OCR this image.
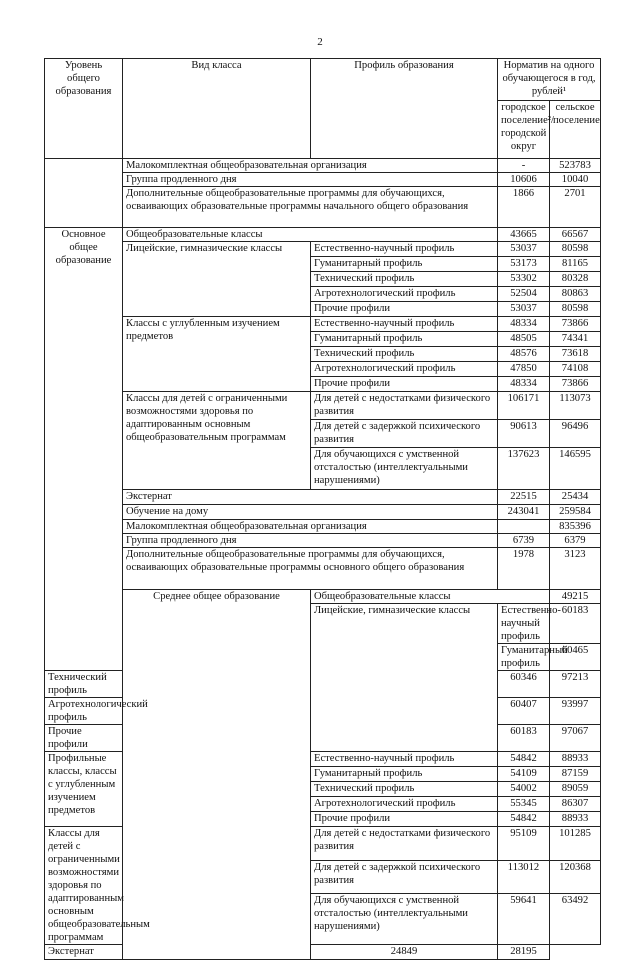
2
Уровень общего образования	Вид класса	Профиль образования	Норматив на одного обучающегося в год, рублей¹		
			городское поселение²/ городской округ	сельское поселение	
	Малокомплектная общеобразовательная организация		-	523783	
	Группа продленного дня		10606	10040	
	Дополнительные общеобразовательные программы для обучающихся, осваивающих образовательные программы начального общего образования		1866	2701	
Основное общее образование	Общеобразовательные классы		43665	66567	
	Лицейские, гимназические классы	Естественно-научный профиль	53037	80598	
		Гуманитарный профиль	53173	81165	
		Технический профиль	53302	80328	
		Агротехнологический профиль	52504	80863	
		Прочие профили	53037	80598	
	Классы с углубленным изучением предметов	Естественно-научный профиль	48334	73866	
		Гуманитарный профиль	48505	74341	
		Технический профиль	48576	73618	
		Агротехнологический профиль	47850	74108	
		Прочие профили	48334	73866	
	Классы для детей с ограниченными возможностями здоровья по адаптированным основным общеобразовательным программам	Для детей с недостатками физического развития	106171	113073	
		Для детей с задержкой психического развития	90613	96496	
		Для обучающихся с умственной отсталостью (интеллектуальными нарушениями)	137623	146595	
	Экстернат		22515	25434	
	Обучение на дому		243041	259584	
	Малокомплектная общеобразовательная организация			835396	
	Группа продленного дня		6739	6379	
	Дополнительные общеобразовательные программы для обучающихся, осваивающих образовательные программы основного общего образования		1978	3123	
	Среднее общее образование	Общеобразовательные классы		49215	
		Лицейские, гимназические классы	Естественно-научный профиль	60183	
			Гуманитарный профиль	60465	
Технический профиль			60346	97213	
Агротехнологический профиль			60407	93997	
Прочие профили			60183	97067	
Профильные классы, классы с углубленным изучением предметов		Естественно-научный профиль	54842	88933	
		Гуманитарный профиль	54109	87159	
		Технический профиль	54002	89059	
		Агротехнологический профиль	55345	86307	
		Прочие профили	54842	88933	
Классы для детей с ограниченными возможностями здоровья по адаптированным основным общеобразовательным программам		Для детей с недостатками физического развития	95109	101285	
		Для детей с задержкой психического развития	113012	120368	
		Для обучающихся с умственной отсталостью (интеллектуальными нарушениями)	59641	63492	
Экстернат		24849	28195		
